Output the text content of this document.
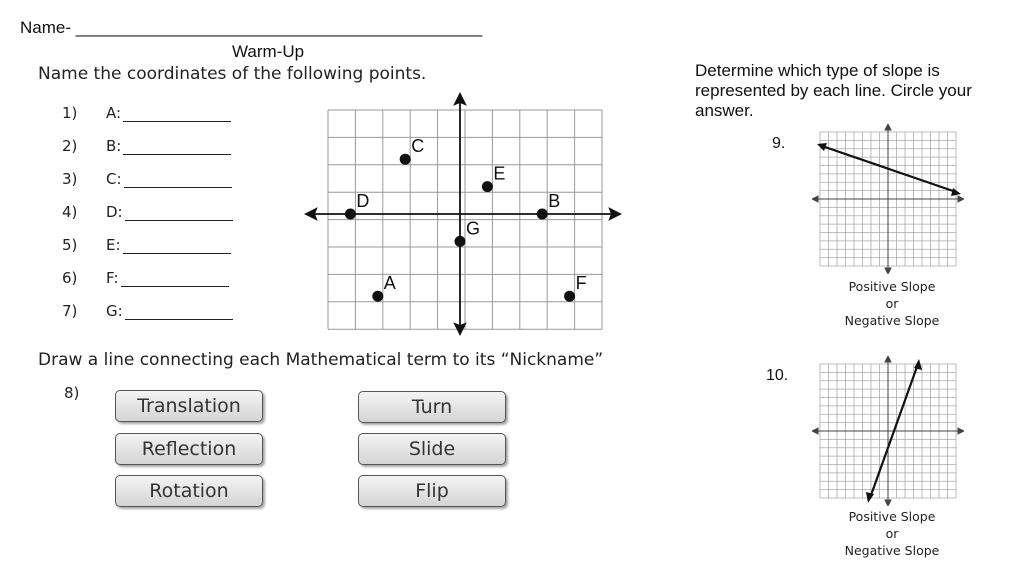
Name- ___________________________________________
Warm-Up
Name the coordinates of the following points.
1)	A:
2)	B:
3)	C:
4)	D:
5)	E:
6)	F:
7)	G:
A
B
C
D
E
F
G
Draw a line connecting each Mathematical term to its “Nickname”
8)
Translation
Reflection
Rotation
Turn
Slide
Flip
Determine which type of slope is represented by each line. Circle your answer.
9.
Positive Slope
or
Negative Slope
10.
Positive Slope
or
Negative Slope
